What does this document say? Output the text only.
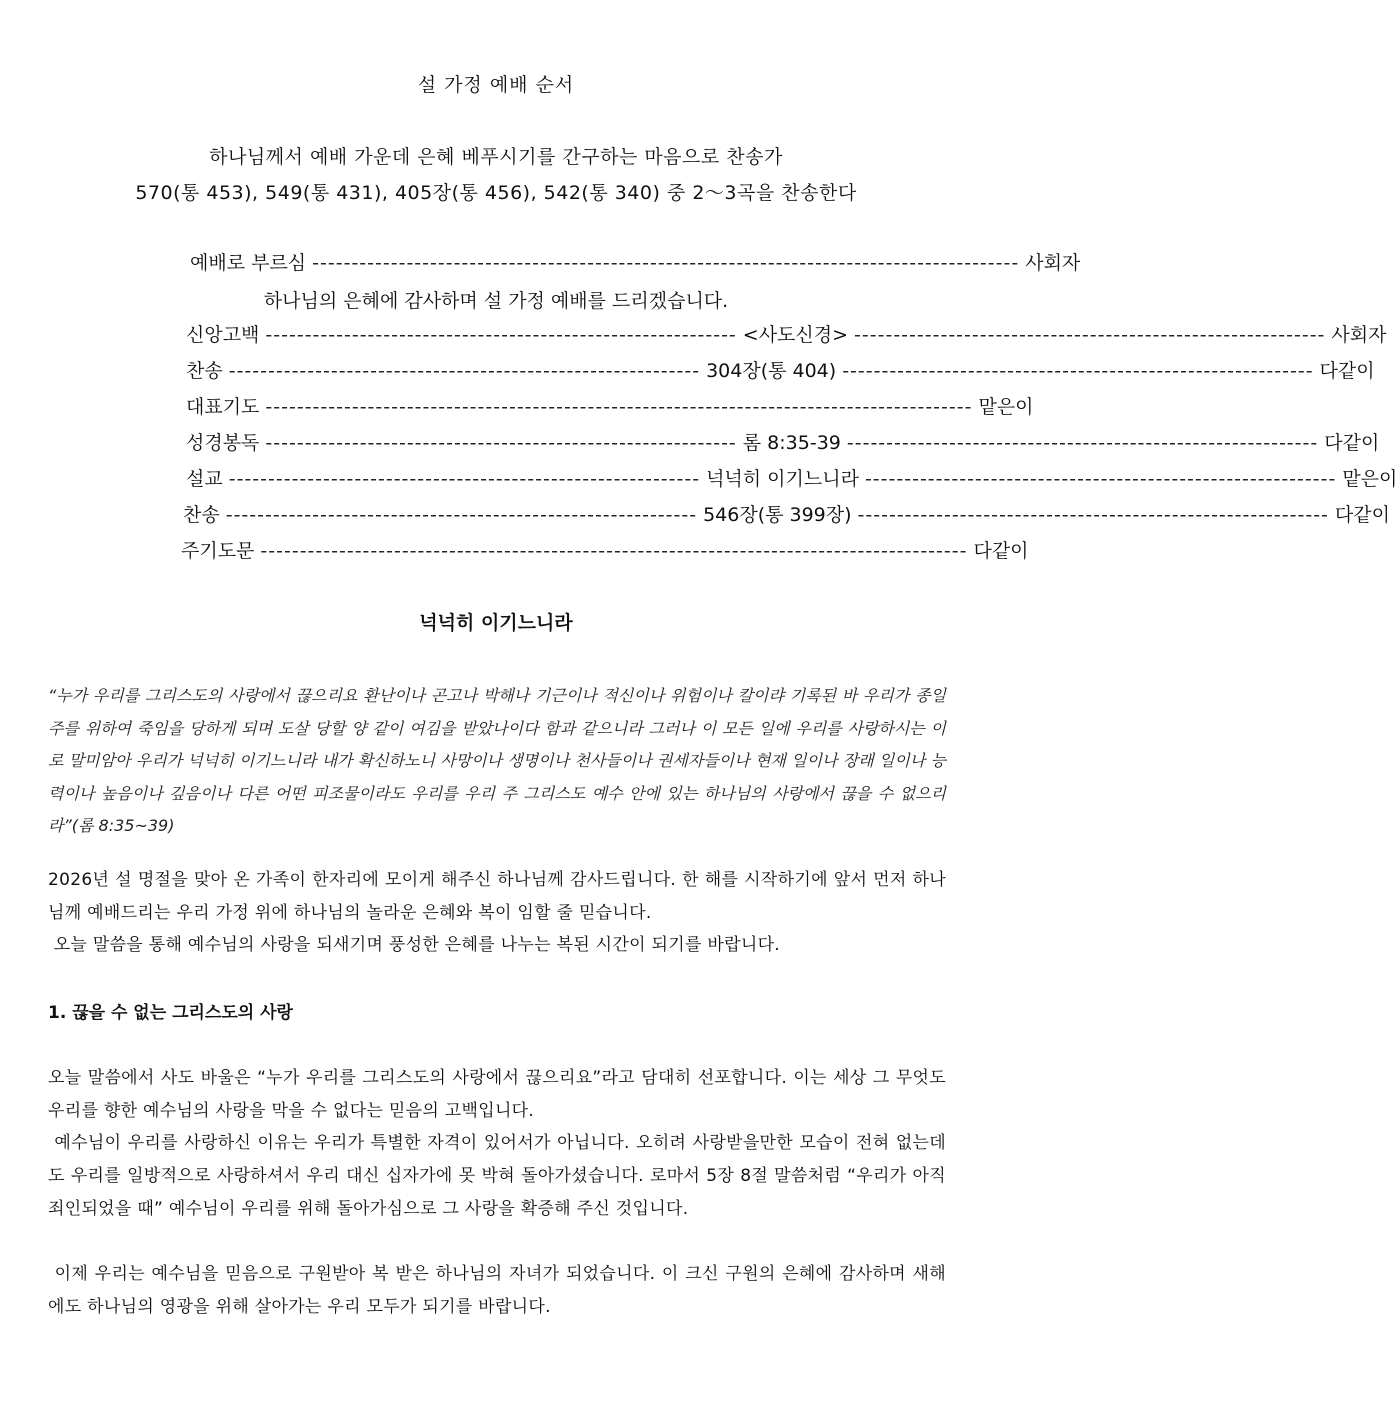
설 가정 예배 순서
하나님께서 예배 가운데 은혜 베푸시기를 간구하는 마음으로 찬송가
570(통 453), 549(통 431), 405장(통 456), 542(통 340) 중 2～3곡을 찬송한다
예배로 부르심 ------------------------------------------------------------------------------------------ 사회자
하나님의 은혜에 감사하며 설 가정 예배를 드리겠습니다.
신앙고백 ------------------------------------------------------------ <사도신경> ------------------------------------------------------------ 사회자
찬송 ------------------------------------------------------------ 304장(통 404) ------------------------------------------------------------ 다같이
대표기도 ------------------------------------------------------------------------------------------ 맡은이
성경봉독 ------------------------------------------------------------ 롬 8:35-39 ------------------------------------------------------------ 다같이
설교 ------------------------------------------------------------ 넉넉히 이기느니라 ------------------------------------------------------------ 맡은이
찬송 ------------------------------------------------------------ 546장(통 399장) ------------------------------------------------------------ 다같이
주기도문 ------------------------------------------------------------------------------------------ 다같이
넉넉히 이기느니라
“누가 우리를 그리스도의 사랑에서 끊으리요 환난이나 곤고나 박해나 기근이나 적신이나 위험이나 칼이랴 기록된 바 우리가 종일 주를 위하여 죽임을 당하게 되며 도살 당할 양 같이 여김을 받았나이다 함과 같으니라 그러나 이 모든 일에 우리를 사랑하시는 이로 말미암아 우리가 넉넉히 이기느니라 내가 확신하노니 사망이나 생명이나 천사들이나 권세자들이나 현재 일이나 장래 일이나 능력이나 높음이나 깊음이나 다른 어떤 피조물이라도 우리를 우리 주 그리스도 예수 안에 있는 하나님의 사랑에서 끊을 수 없으리라”(롬 8:35~39)
2026년 설 명절을 맞아 온 가족이 한자리에 모이게 해주신 하나님께 감사드립니다. 한 해를 시작하기에 앞서 먼저 하나님께 예배드리는 우리 가정 위에 하나님의 놀라운 은혜와 복이 임할 줄 믿습니다.
오늘 말씀을 통해 예수님의 사랑을 되새기며 풍성한 은혜를 나누는 복된 시간이 되기를 바랍니다.
1. 끊을 수 없는 그리스도의 사랑
오늘 말씀에서 사도 바울은 “누가 우리를 그리스도의 사랑에서 끊으리요”라고 담대히 선포합니다. 이는 세상 그 무엇도 우리를 향한 예수님의 사랑을 막을 수 없다는 믿음의 고백입니다.
예수님이 우리를 사랑하신 이유는 우리가 특별한 자격이 있어서가 아닙니다. 오히려 사랑받을만한 모습이 전혀 없는데도 우리를 일방적으로 사랑하셔서 우리 대신 십자가에 못 박혀 돌아가셨습니다. 로마서 5장 8절 말씀처럼 “우리가 아직 죄인되었을 때” 예수님이 우리를 위해 돌아가심으로 그 사랑을 확증해 주신 것입니다.
이제 우리는 예수님을 믿음으로 구원받아 복 받은 하나님의 자녀가 되었습니다. 이 크신 구원의 은혜에 감사하며 새해에도 하나님의 영광을 위해 살아가는 우리 모두가 되기를 바랍니다.
